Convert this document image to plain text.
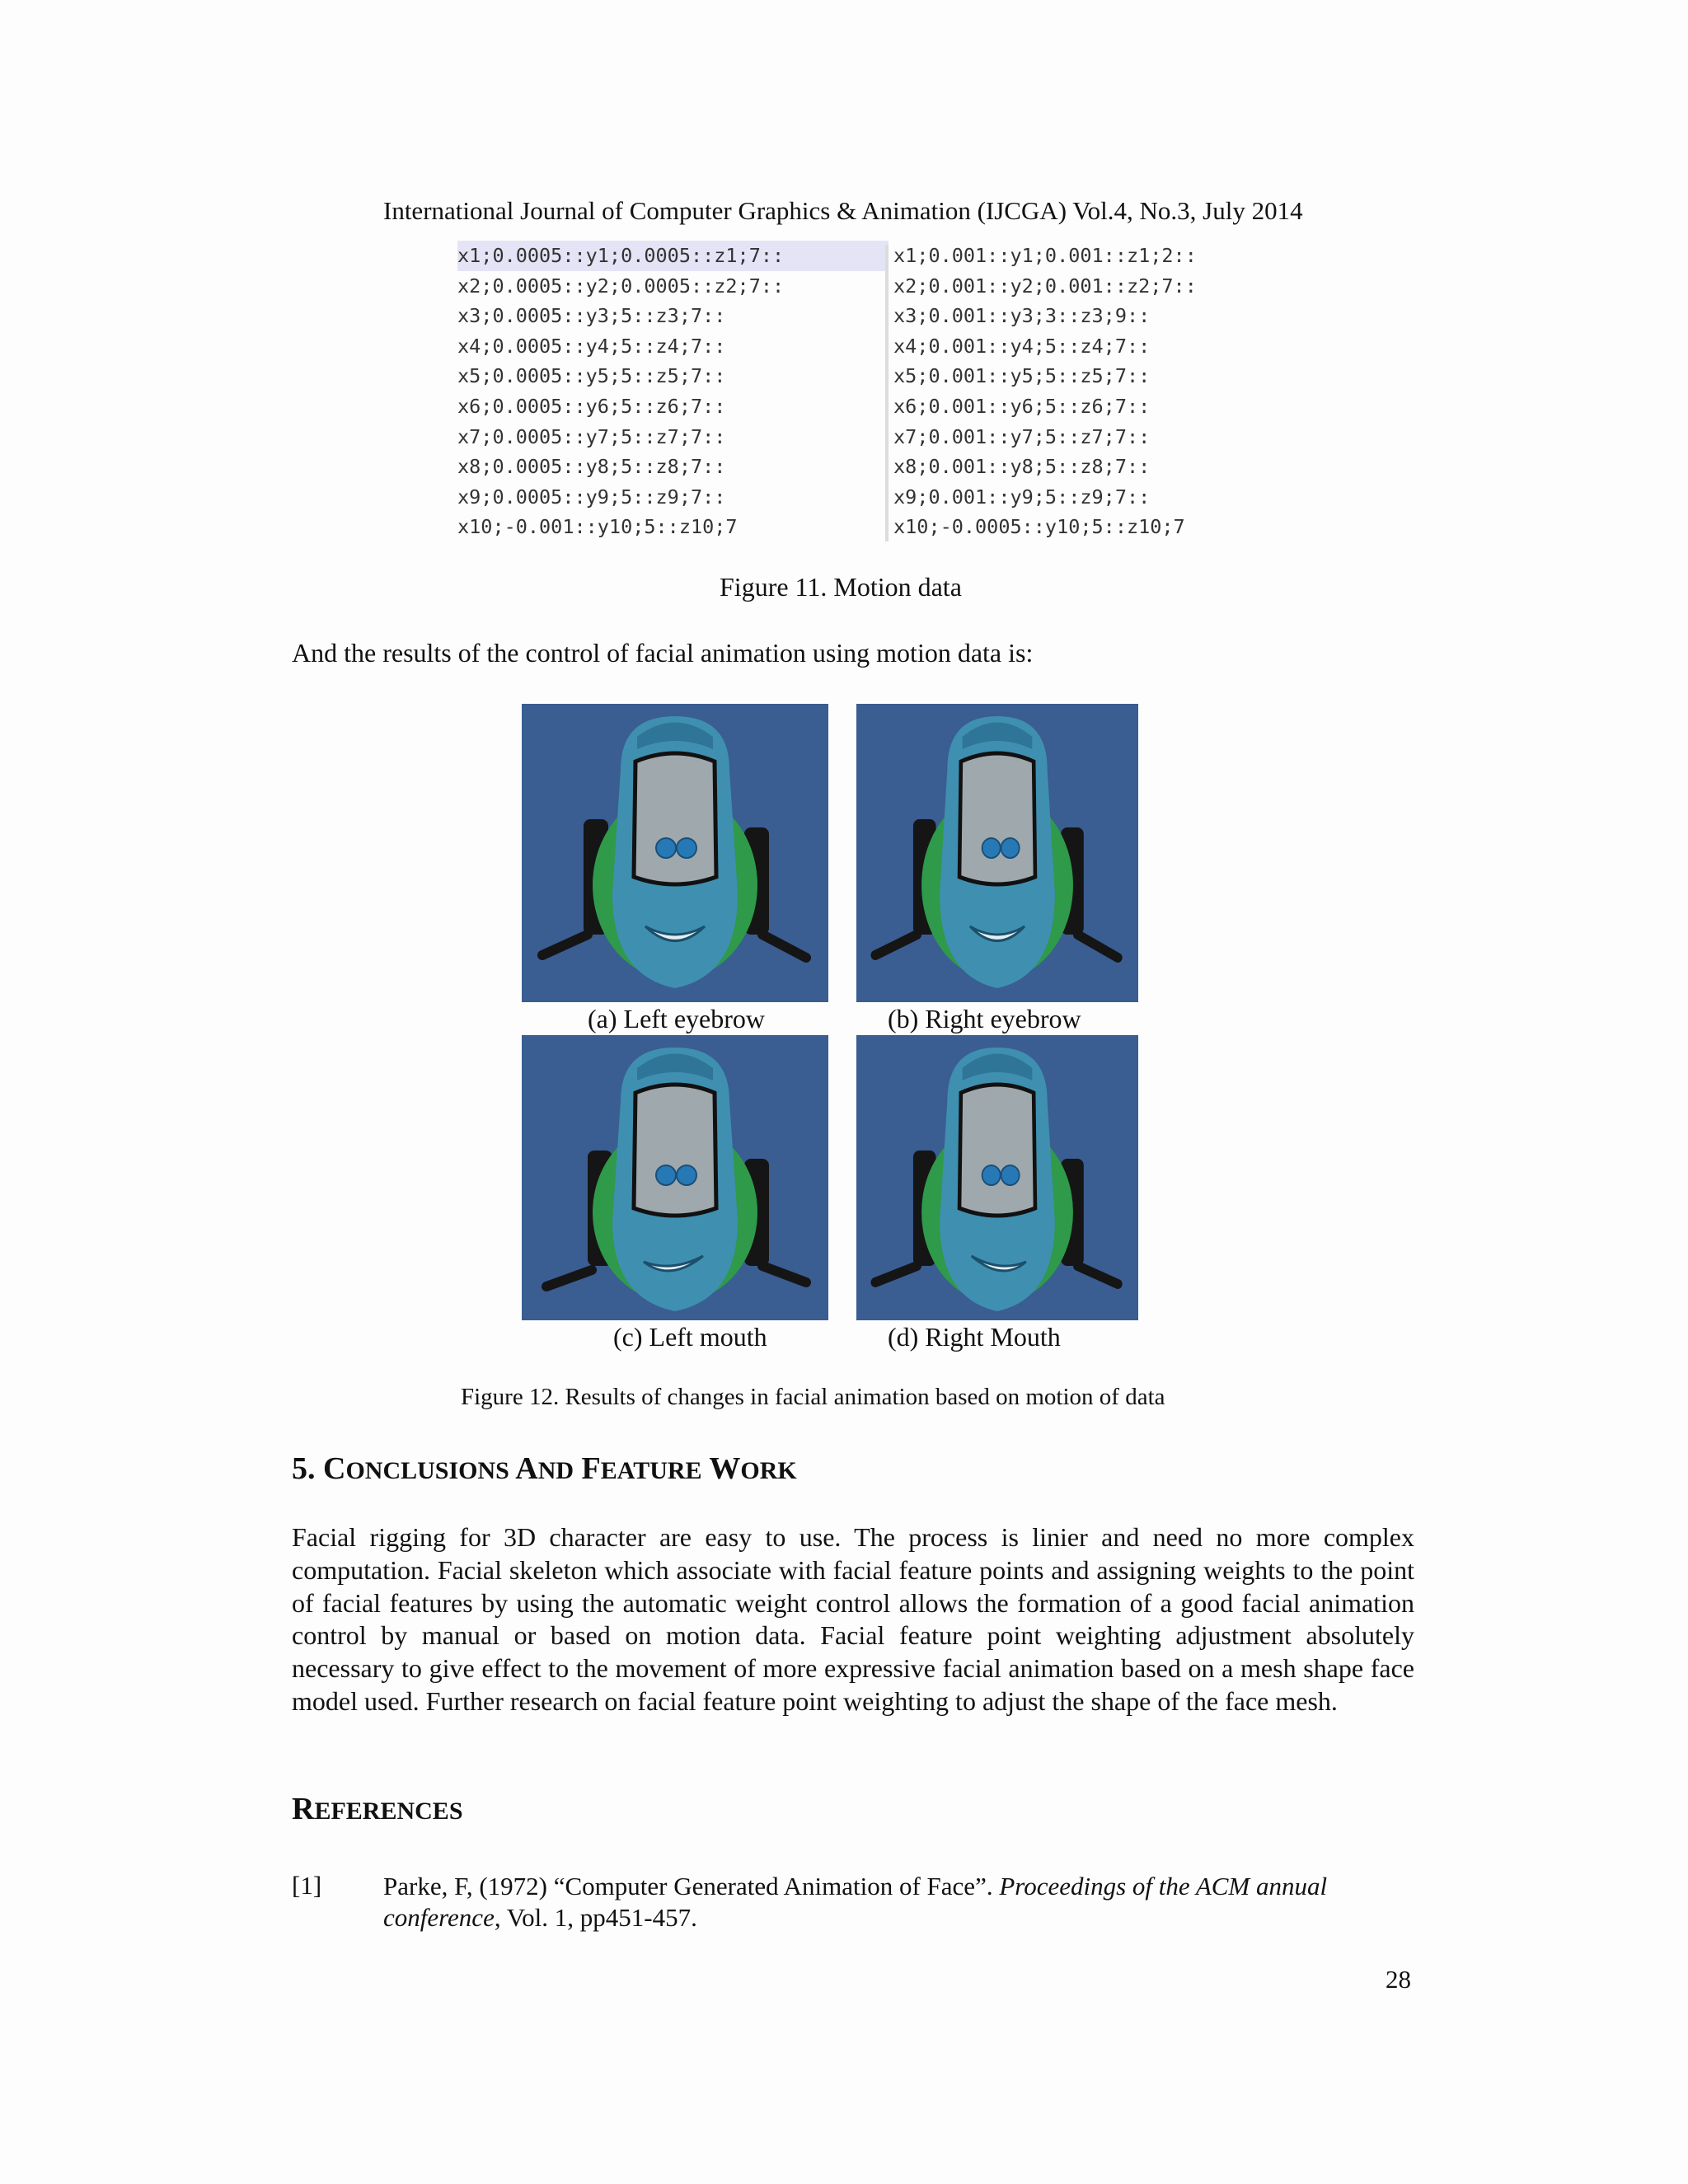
International Journal of Computer Graphics & Animation (IJCGA) Vol.4, No.3, July 2014
x1;0.0005::y1;0.0005::z1;7::
x2;0.0005::y2;0.0005::z2;7::
x3;0.0005::y3;5::z3;7::
x4;0.0005::y4;5::z4;7::
x5;0.0005::y5;5::z5;7::
x6;0.0005::y6;5::z6;7::
x7;0.0005::y7;5::z7;7::
x8;0.0005::y8;5::z8;7::
x9;0.0005::y9;5::z9;7::
x10;-0.001::y10;5::z10;7
x1;0.001::y1;0.001::z1;2::
x2;0.001::y2;0.001::z2;7::
x3;0.001::y3;3::z3;9::
x4;0.001::y4;5::z4;7::
x5;0.001::y5;5::z5;7::
x6;0.001::y6;5::z6;7::
x7;0.001::y7;5::z7;7::
x8;0.001::y8;5::z8;7::
x9;0.001::y9;5::z9;7::
x10;-0.0005::y10;5::z10;7
Figure 11. Motion data
And the results of the control of facial animation using motion data is:
(a) Left eyebrow	(b) Right eyebrow
(c) Left mouth	(d) Right Mouth
Figure 12. Results of changes in facial animation based on motion of data
5. CONCLUSIONS AND FEATURE WORK
Facial rigging for 3D character are easy to use. The process is linier and need no more complex computation. Facial skeleton which associate with facial feature points and assigning weights to the point of facial features by using the automatic weight control allows the formation of a good facial animation control by manual or based on motion data. Facial feature point weighting adjustment absolutely necessary to give effect to the movement of more expressive facial animation based on a mesh shape face model used. Further research on facial feature point weighting to adjust the shape of the face mesh.
REFERENCES
[1] Parke, F, (1972) “Computer Generated Animation of Face”. Proceedings of the ACM annual conference, Vol. 1, pp451-457.
28
